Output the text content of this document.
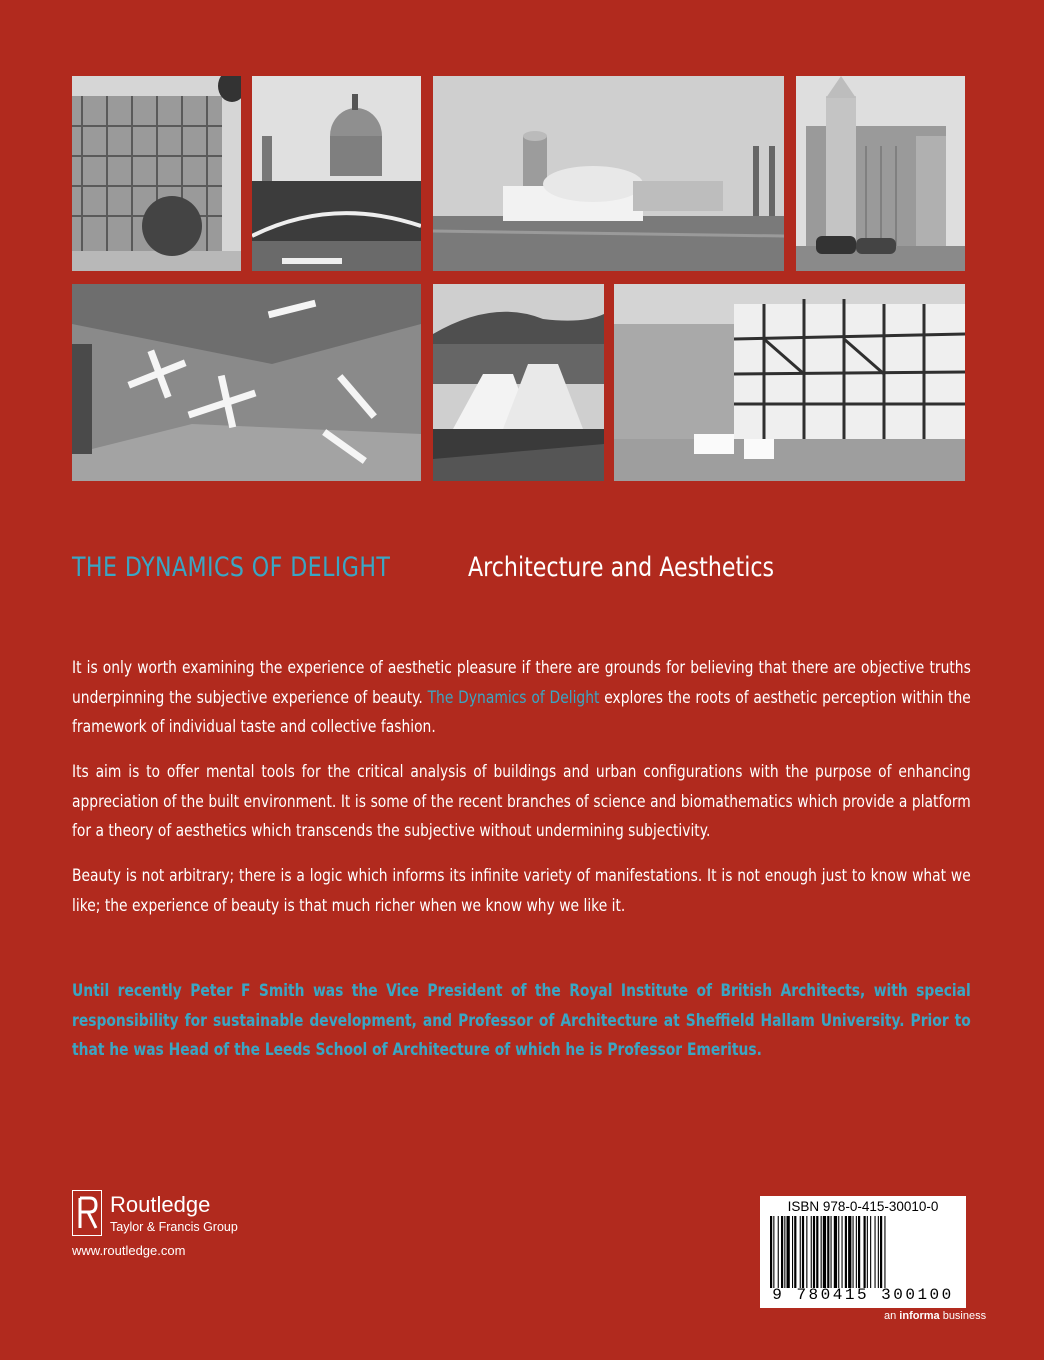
THE DYNAMICS OF DELIGHT	Architecture and Aesthetics
It is only worth examining the experience of aesthetic pleasure if there are grounds for believing that there are objective truths underpinning the subjective experience of beauty. The Dynamics of Delight explores the roots of aesthetic perception within the framework of individual taste and collective fashion.
Its aim is to offer mental tools for the critical analysis of buildings and urban configurations with the purpose of enhancing appreciation of the built environment. It is some of the recent branches of science and biomathematics which provide a platform for a theory of aesthetics which transcends the subjective without undermining subjectivity.
Beauty is not arbitrary; there is a logic which informs its infinite variety of manifestations. It is not enough just to know what we like; the experience of beauty is that much richer when we know why we like it.
Until recently Peter F Smith was the Vice President of the Royal Institute of British Architects, with special responsibility for sustainable development, and Professor of Architecture at Sheffield Hallam University. Prior to that he was Head of the Leeds School of Architecture of which he is Professor Emeritus.
Routledge
Taylor & Francis Group
www.routledge.com
ISBN 978-0-415-30010-0
9 780415 300100
an informa business
